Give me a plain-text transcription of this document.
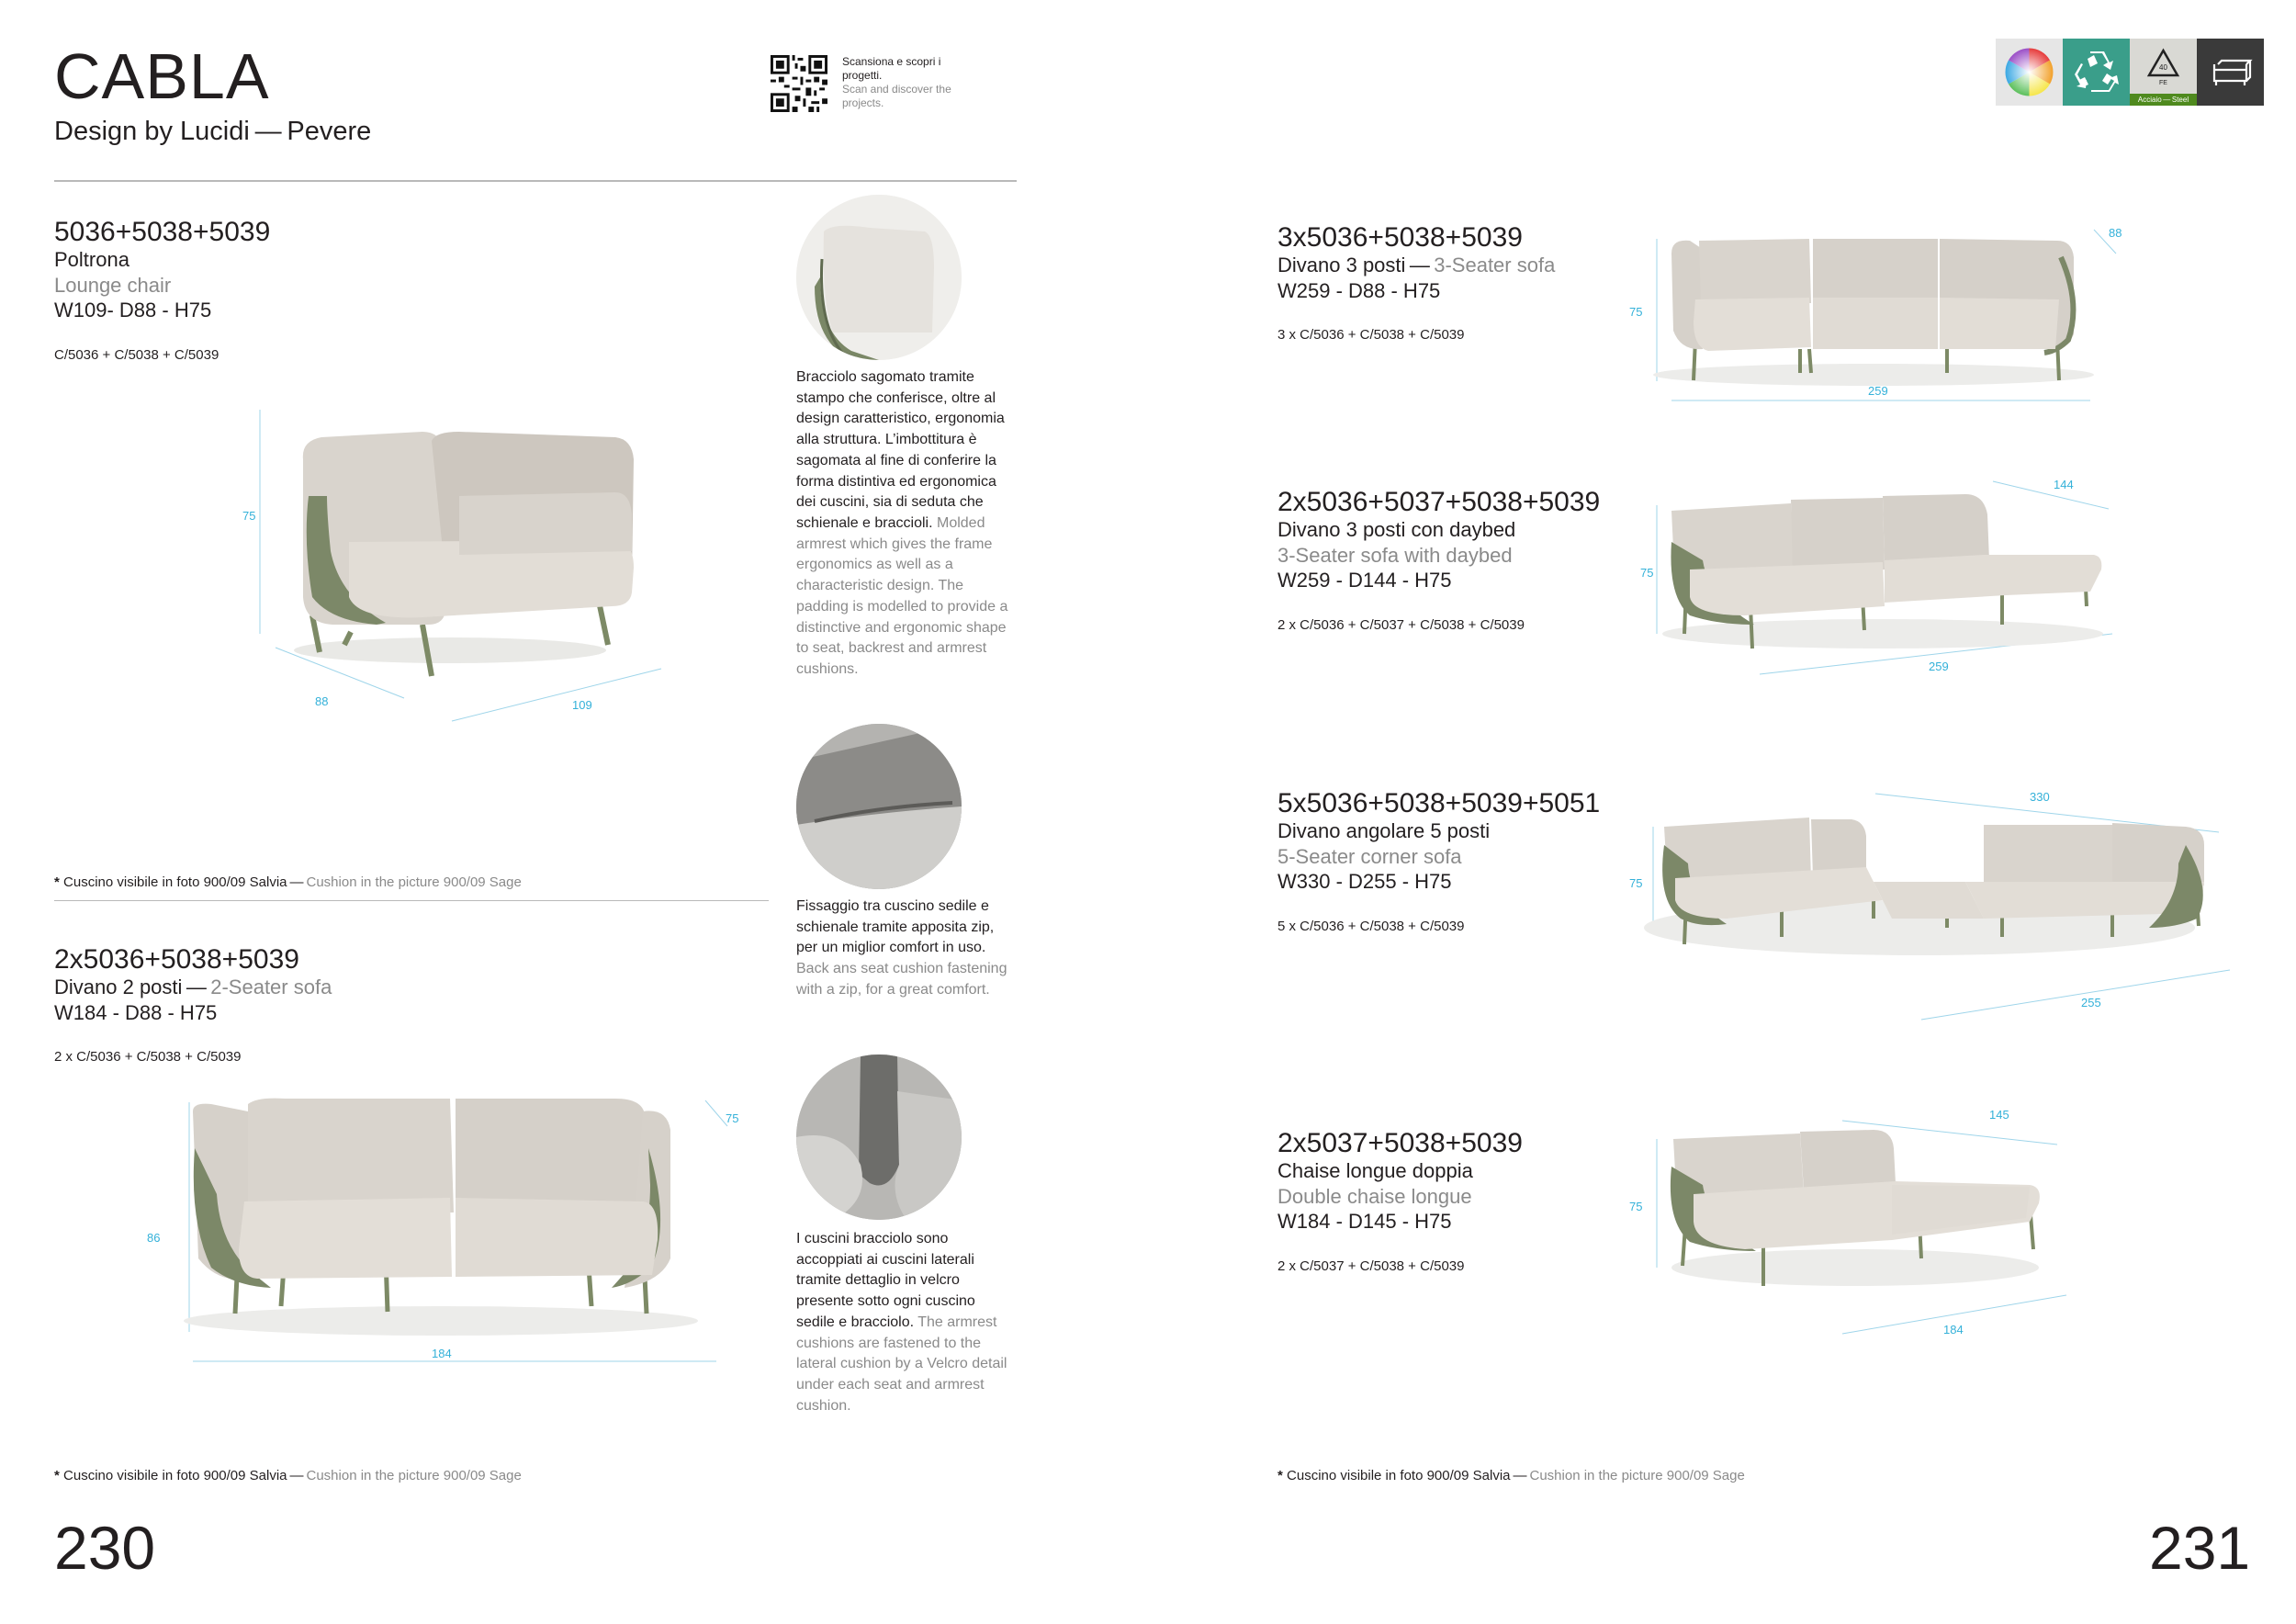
CABLA
Design by Lucidi — Pevere
Scansiona e scopri i progetti.
Scan and discover the projects.
40
FE
Acciaio — Steel
5036+5038+5039
Poltrona
Lounge chair
W109- D88 - H75
C/5036 + C/5038 + C/5039
75
88	109
* Cuscino visibile in foto 900/09 Salvia — Cushion in the picture 900/09 Sage
2x5036+5038+5039
Divano 2 posti — 2-Seater sofa
W184 - D88 - H75
2 x C/5036 + C/5038 + C/5039
86
75
184
* Cuscino visibile in foto 900/09 Salvia — Cushion in the picture 900/09 Sage
230
Bracciolo sagomato tramite stampo che conferisce, oltre al design caratteristico, ergonomia alla struttura. L’imbottitura è sagomata al fine di conferire la forma distintiva ed ergonomica dei cuscini, sia di seduta che schienale e braccioli. Molded armrest which gives the frame ergonomics as well as a characteristic design. The padding is modelled to provide a distinctive and ergonomic shape to seat, backrest and armrest cushions.
Fissaggio tra cuscino sedile e schienale tramite apposita zip, per un miglior comfort in uso. Back ans seat cushion fastening with a zip, for a great comfort.
I cuscini bracciolo sono accoppiati ai cuscini laterali tramite dettaglio in velcro presente sotto ogni cuscino sedile e bracciolo. The armrest cushions are fastened to the lateral cushion by a Velcro detail under each seat and armrest cushion.
3x5036+5038+5039
Divano 3 posti — 3-Seater sofa
W259 - D88 - H75
3 x C/5036 + C/5038 + C/5039
75
88
259
2x5036+5037+5038+5039
Divano 3 posti con daybed
3-Seater sofa with daybed
W259 - D144 - H75
2 x C/5036 + C/5037 + C/5038 + C/5039
75
144
259
5x5036+5038+5039+5051
Divano angolare 5 posti
5-Seater corner sofa
W330 - D255 - H75
5 x C/5036 + C/5038 + C/5039
75
330
255
2x5037+5038+5039
Chaise longue doppia
Double chaise longue
W184 - D145 - H75
2 x C/5037 + C/5038 + C/5039
75
145
184
* Cuscino visibile in foto 900/09 Salvia — Cushion in the picture 900/09 Sage
231
